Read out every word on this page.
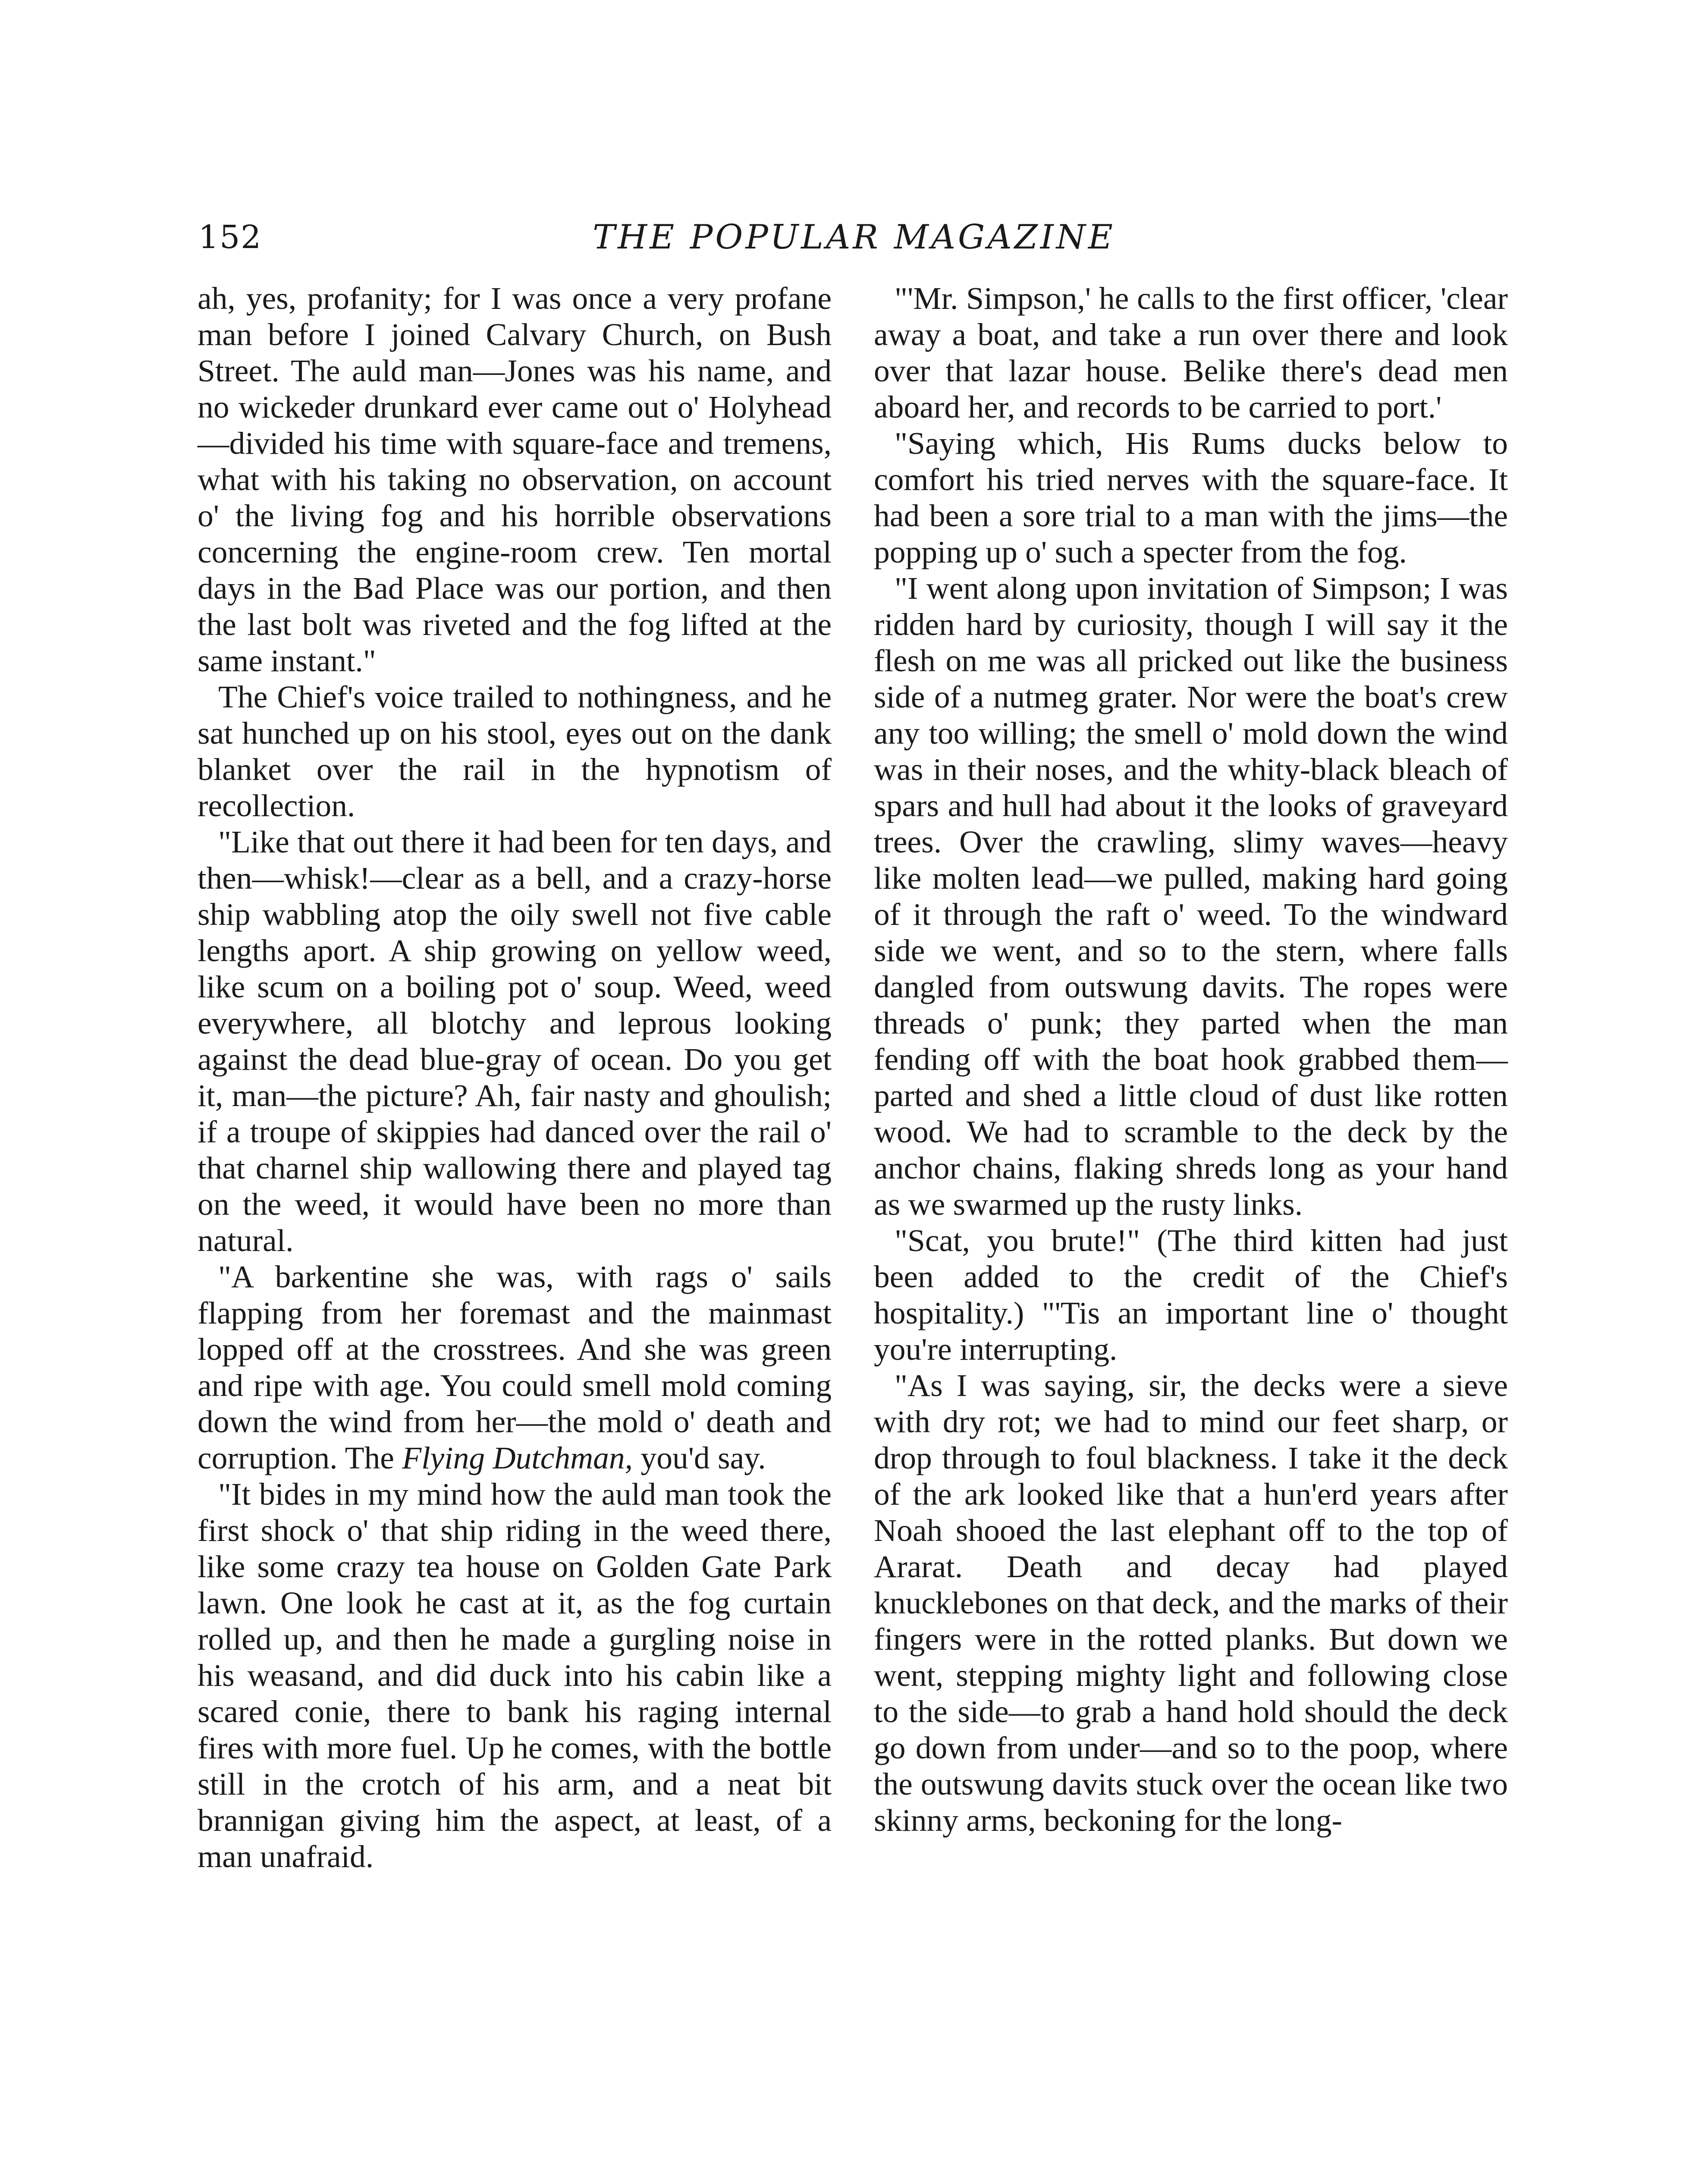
152	THE POPULAR MAGAZINE

ah, yes, profanity; for I was once a very profane man before I joined Calvary Church, on Bush Street. The auld man—Jones was his name, and no wickeder drunkard ever came out o' Holyhead—divided his time with square-face and tremens, what with his taking no observation, on account o' the living fog and his horrible observations concerning the engine-room crew. Ten mortal days in the Bad Place was our portion, and then the last bolt was riveted and the fog lifted at the same instant."

The Chief's voice trailed to nothingness, and he sat hunched up on his stool, eyes out on the dank blanket over the rail in the hypnotism of recollection.

"Like that out there it had been for ten days, and then—whisk!—clear as a bell, and a crazy-horse ship wabbling atop the oily swell not five cable lengths aport. A ship growing on yellow weed, like scum on a boiling pot o' soup. Weed, weed everywhere, all blotchy and leprous looking against the dead blue-gray of ocean. Do you get it, man—the picture? Ah, fair nasty and ghoulish; if a troupe of skippies had danced over the rail o' that charnel ship wallowing there and played tag on the weed, it would have been no more than natural.

"A barkentine she was, with rags o' sails flapping from her foremast and the mainmast lopped off at the crosstrees. And she was green and ripe with age. You could smell mold coming down the wind from her—the mold o' death and corruption. The Flying Dutchman, you'd say.

"It bides in my mind how the auld man took the first shock o' that ship riding in the weed there, like some crazy tea house on Golden Gate Park lawn. One look he cast at it, as the fog curtain rolled up, and then he made a gurgling noise in his weasand, and did duck into his cabin like a scared conie, there to bank his raging internal fires with more fuel. Up he comes, with the bottle still in the crotch of his arm, and a neat bit brannigan giving him the aspect, at least, of a man unafraid.

"'Mr. Simpson,' he calls to the first officer, 'clear away a boat, and take a run over there and look over that lazar house. Belike there's dead men aboard her, and records to be carried to port.'

"Saying which, His Rums ducks below to comfort his tried nerves with the square-face. It had been a sore trial to a man with the jims—the popping up o' such a specter from the fog.

"I went along upon invitation of Simpson; I was ridden hard by curiosity, though I will say it the flesh on me was all pricked out like the business side of a nutmeg grater. Nor were the boat's crew any too willing; the smell o' mold down the wind was in their noses, and the whity-black bleach of spars and hull had about it the looks of graveyard trees. Over the crawling, slimy waves—heavy like molten lead—we pulled, making hard going of it through the raft o' weed. To the windward side we went, and so to the stern, where falls dangled from outswung davits. The ropes were threads o' punk; they parted when the man fending off with the boat hook grabbed them—parted and shed a little cloud of dust like rotten wood. We had to scramble to the deck by the anchor chains, flaking shreds long as your hand as we swarmed up the rusty links.

"Scat, you brute!" (The third kitten had just been added to the credit of the Chief's hospitality.) "'Tis an important line o' thought you're interrupting.

"As I was saying, sir, the decks were a sieve with dry rot; we had to mind our feet sharp, or drop through to foul blackness. I take it the deck of the ark looked like that a hun'erd years after Noah shooed the last elephant off to the top of Ararat. Death and decay had played knucklebones on that deck, and the marks of their fingers were in the rotted planks. But down we went, stepping mighty light and following close to the side—to grab a hand hold should the deck go down from under—and so to the poop, where the outswung davits stuck over the ocean like two skinny arms, beckoning for the long-
